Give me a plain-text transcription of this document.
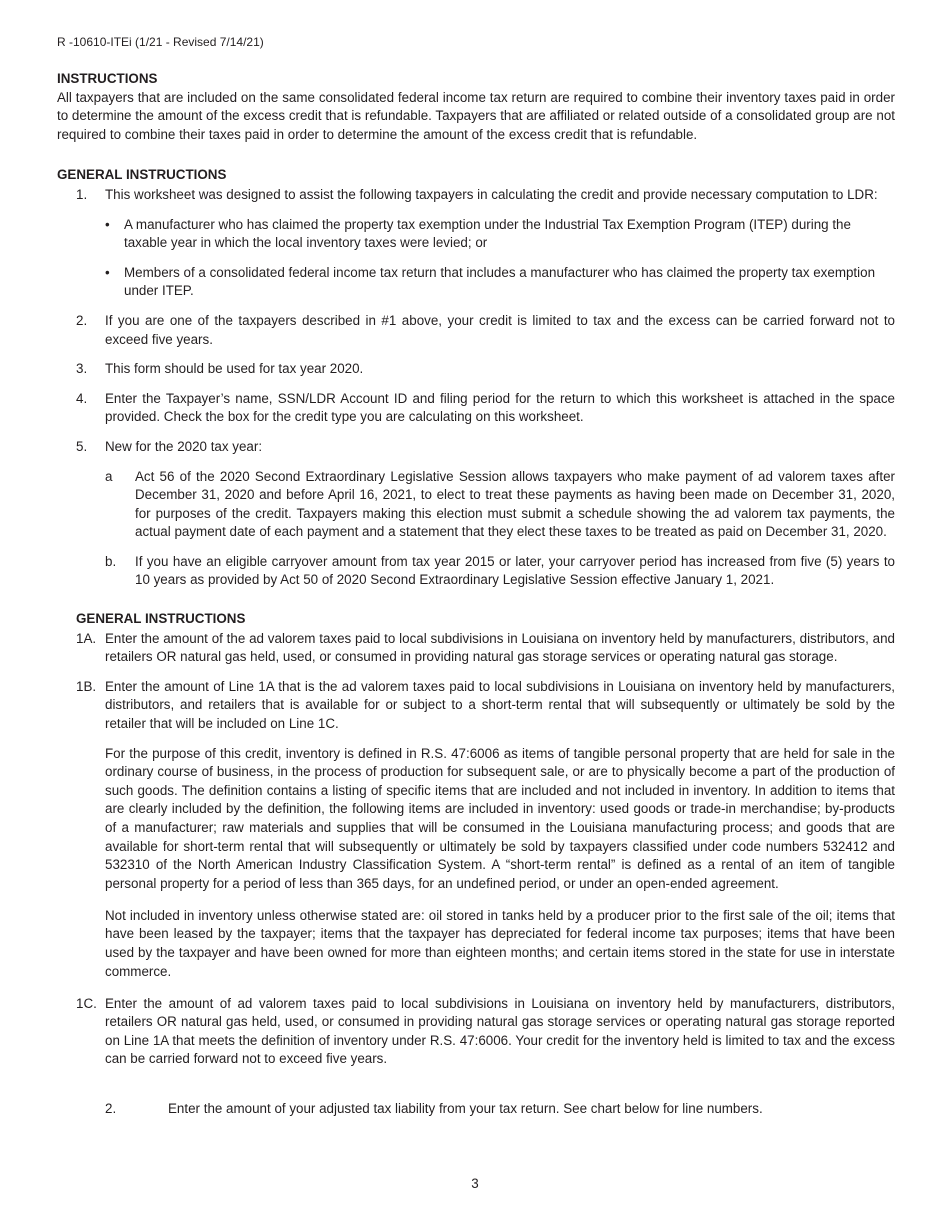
R -10610-ITEi (1/21 - Revised 7/14/21)

INSTRUCTIONS

All taxpayers that are included on the same consolidated federal income tax return are required to combine their inventory taxes paid in order to determine the amount of the excess credit that is refundable. Taxpayers that are affiliated or related outside of a consolidated group are not required to combine their taxes paid in order to determine the amount of the excess credit that is refundable.

GENERAL INSTRUCTIONS

1. This worksheet was designed to assist the following taxpayers in calculating the credit and provide necessary computation to LDR:
• A manufacturer who has claimed the property tax exemption under the Industrial Tax Exemption Program (ITEP) during the taxable year in which the local inventory taxes were levied; or
• Members of a consolidated federal income tax return that includes a manufacturer who has claimed the property tax exemption under ITEP.
2. If you are one of the taxpayers described in #1 above, your credit is limited to tax and the excess can be carried forward not to exceed five years.
3. This form should be used for tax year 2020.
4. Enter the Taxpayer’s name, SSN/LDR Account ID and filing period for the return to which this worksheet is attached in the space provided. Check the box for the credit type you are calculating on this worksheet.
5. New for the 2020 tax year:
a Act 56 of the 2020 Second Extraordinary Legislative Session allows taxpayers who make payment of ad valorem taxes after December 31, 2020 and before April 16, 2021, to elect to treat these payments as having been made on December 31, 2020, for purposes of the credit. Taxpayers making this election must submit a schedule showing the ad valorem tax payments, the actual payment date of each payment and a statement that they elect these taxes to be treated as paid on December 31, 2020.
b. If you have an eligible carryover amount from tax year 2015 or later, your carryover period has increased from five (5) years to 10 years as provided by Act 50 of 2020 Second Extraordinary Legislative Session effective January 1, 2021.

GENERAL INSTRUCTIONS

1A. Enter the amount of the ad valorem taxes paid to local subdivisions in Louisiana on inventory held by manufacturers, distributors, and retailers OR natural gas held, used, or consumed in providing natural gas storage services or operating natural gas storage.
1B. Enter the amount of Line 1A that is the ad valorem taxes paid to local subdivisions in Louisiana on inventory held by manufacturers, distributors, and retailers that is available for or subject to a short-term rental that will subsequently or ultimately be sold by the retailer that will be included on Line 1C.

For the purpose of this credit, inventory is defined in R.S. 47:6006 as items of tangible personal property that are held for sale in the ordinary course of business, in the process of production for subsequent sale, or are to physically become a part of the production of such goods. The definition contains a listing of specific items that are included and not included in inventory. In addition to items that are clearly included by the definition, the following items are included in inventory: used goods or trade-in merchandise; by-products of a manufacturer; raw materials and supplies that will be consumed in the Louisiana manufacturing process; and goods that are available for short-term rental that will subsequently or ultimately be sold by taxpayers classified under code numbers 532412 and 532310 of the North American Industry Classification System. A “short-term rental” is defined as a rental of an item of tangible personal property for a period of less than 365 days, for an undefined period, or under an open-ended agreement.

Not included in inventory unless otherwise stated are: oil stored in tanks held by a producer prior to the first sale of the oil; items that have been leased by the taxpayer; items that the taxpayer has depreciated for federal income tax purposes; items that have been used by the taxpayer and have been owned for more than eighteen months; and certain items stored in the state for use in interstate commerce.

1C. Enter the amount of ad valorem taxes paid to local subdivisions in Louisiana on inventory held by manufacturers, distributors, retailers OR natural gas held, used, or consumed in providing natural gas storage services or operating natural gas storage reported on Line 1A that meets the definition of inventory under R.S. 47:6006. Your credit for the inventory held is limited to tax and the excess can be carried forward not to exceed five years.
2.	Enter the amount of your adjusted tax liability from your tax return. See chart below for line numbers.
3
